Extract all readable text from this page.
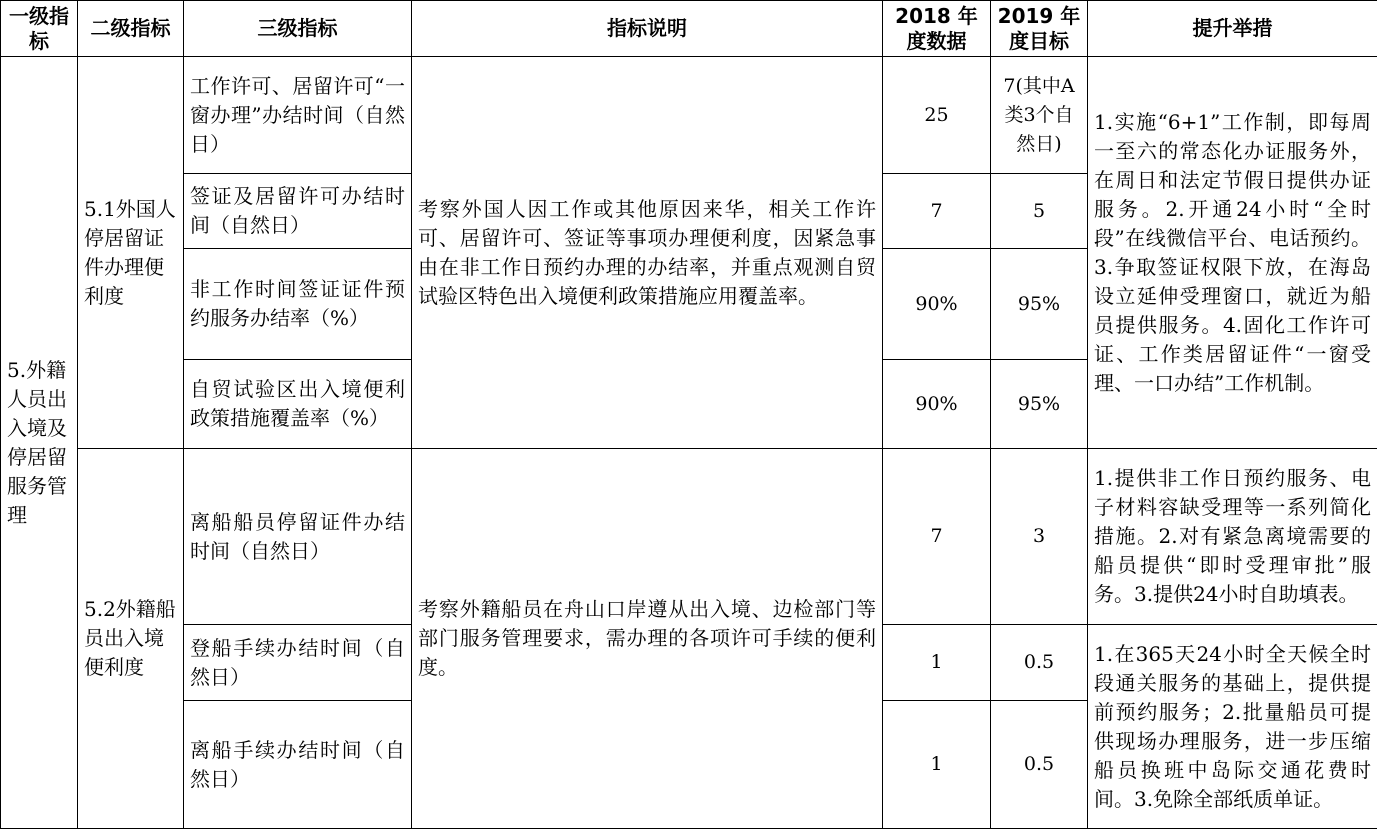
一级指标	二级指标	三级指标	指标说明	2018 年度数据	2019 年度目标	提升举措
5.外籍人员出入境及停居留服务管理	5.1外国人停居留证件办理便利度	工作许可、居留许可“一窗办理”办结时间（自然日）	考察外国人因工作或其他原因来华，相关工作许可、居留许可、签证等事项办理便利度，因紧急事由在非工作日预约办理的办结率，并重点观测自贸试验区特色出入境便利政策措施应用覆盖率。	25	7(其中A类3个自然日)	1.实施“6+1”工作制，即每周一至六的常态化办证服务外，在周日和法定节假日提供办证服务。2.开通24小时“全时段”在线微信平台、电话预约。3.争取签证权限下放，在海岛设立延伸受理窗口，就近为船员提供服务。4.固化工作许可证、工作类居留证件“一窗受理、一口办结”工作机制。
		签证及居留许可办结时间（自然日）		7	5	
		非工作时间签证证件预约服务办结率（%）		90%	95%	
		自贸试验区出入境便利政策措施覆盖率（%）		90%	95%	
	5.2外籍船员出入境便利度	离船船员停留证件办结时间（自然日）	考察外籍船员在舟山口岸遵从出入境、边检部门等部门服务管理要求，需办理的各项许可手续的便利度。	7	3	1.提供非工作日预约服务、电子材料容缺受理等一系列简化措施。2.对有紧急离境需要的船员提供“即时受理审批”服务。3.提供24小时自助填表。
		登船手续办结时间（自然日）		1	0.5	1.在365天24小时全天候全时段通关服务的基础上，提供提前预约服务；2.批量船员可提供现场办理服务，进一步压缩船员换班中岛际交通花费时间。3.免除全部纸质单证。
		离船手续办结时间（自然日）		1	0.5	
